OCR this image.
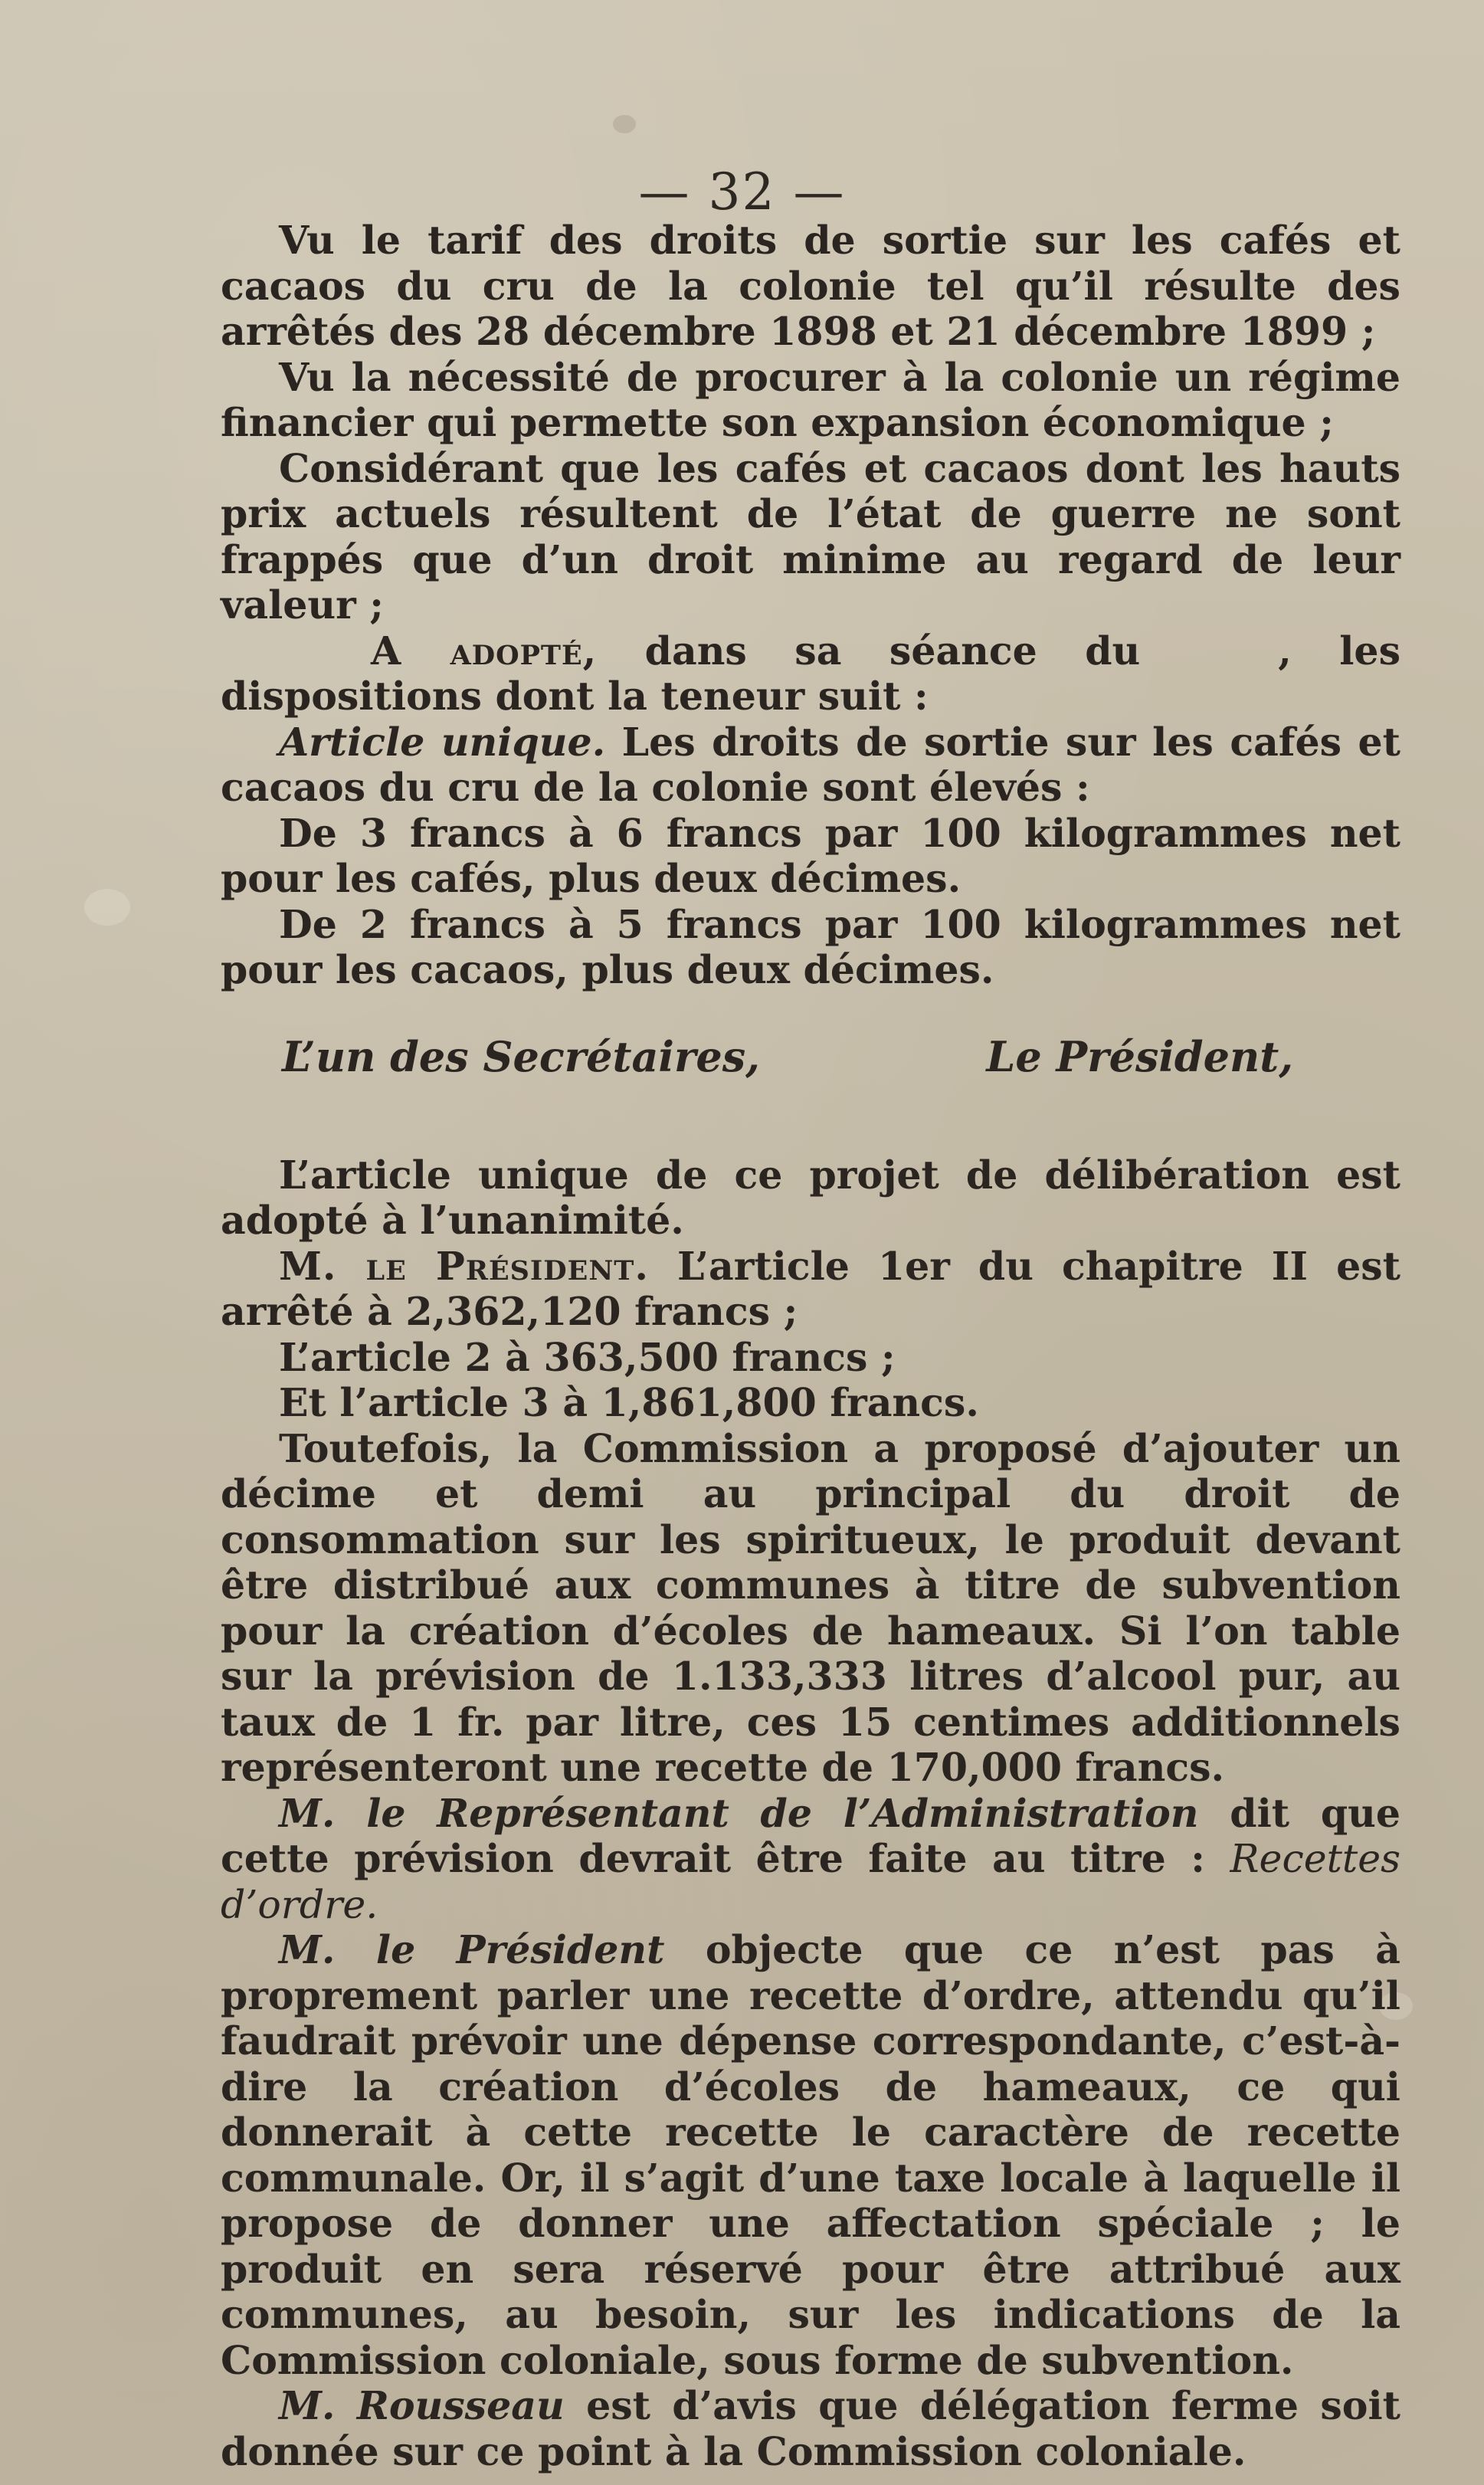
— 32 —

Vu le tarif des droits de sortie sur les cafés et cacaos du cru de la colonie tel qu’il résulte des arrêtés des 28 décembre 1898 et 21 décembre 1899 ;

Vu la nécessité de procurer à la colonie un régime financier qui permette son expansion économique ;

Considérant que les cafés et cacaos dont les hauts prix actuels résultent de l’état de guerre ne sont frappés que d’un droit minime au regard de leur valeur ;

A adopté, dans sa séance du	, les dispositions dont la teneur suit :

Article unique. Les droits de sortie sur les cafés et cacaos du cru de la colonie sont élevés :

De 3 francs à 6 francs par 100 kilogrammes net pour les cafés, plus deux décimes.

De 2 francs à 5 francs par 100 kilogrammes net pour les cacaos, plus deux décimes.

L’un des Secrétaires,	Le Président,

L’article unique de ce projet de délibération est adopté à l’unanimité.

M. le Président. L’article 1er du chapitre II est arrêté à 2,362,120 francs ;

L’article 2 à 363,500 francs ;

Et l’article 3 à 1,861,800 francs.

Toutefois, la Commission a proposé d’ajouter un décime et demi au principal du droit de consommation sur les spiritueux, le produit devant être distribué aux communes à titre de subvention pour la création d’écoles de hameaux. Si l’on table sur la prévision de 1.133,333 litres d’alcool pur, au taux de 1 fr. par litre, ces 15 centimes additionnels représenteront une recette de 170,000 francs.

M. le Représentant de l’Administration dit que cette prévision devrait être faite au titre : Recettes d’ordre.

M. le Président objecte que ce n’est pas à proprement parler une recette d’ordre, attendu qu’il faudrait prévoir une dépense correspondante, c’est-à-dire la création d’écoles de hameaux, ce qui donnerait à cette recette le caractère de recette communale. Or, il s’agit d’une taxe locale à laquelle il propose de donner une affectation spéciale ; le produit en sera réservé pour être attribué aux communes, au besoin, sur les indications de la Commission coloniale, sous forme de subvention.

M. Rousseau est d’avis que délégation ferme soit donnée sur ce point à la Commission coloniale.
